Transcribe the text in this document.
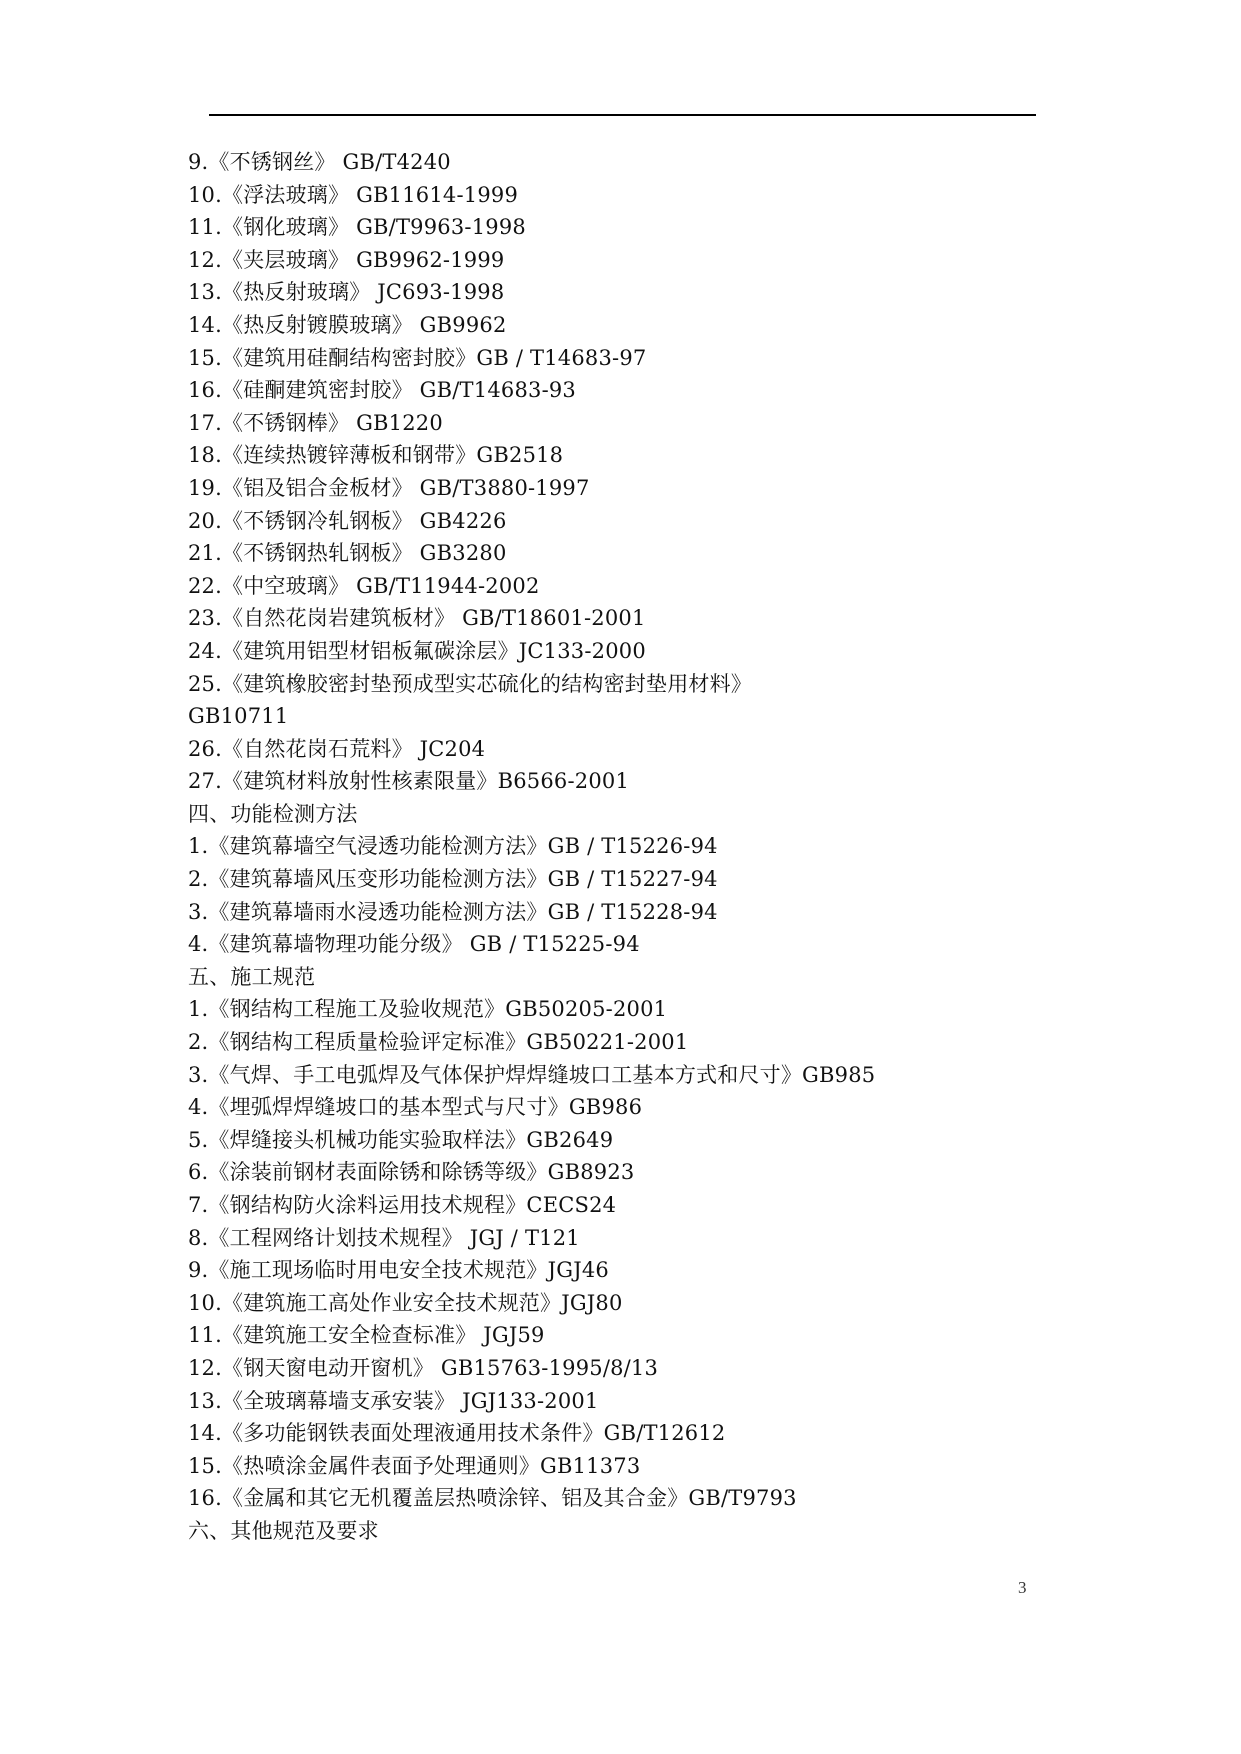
9.《不锈钢丝》 GB/T4240
10.《浮法玻璃》 GB11614-1999
11.《钢化玻璃》 GB/T9963-1998
12.《夹层玻璃》 GB9962-1999
13.《热反射玻璃》 JC693-1998
14.《热反射镀膜玻璃》 GB9962
15.《建筑用硅酮结构密封胶》GB / T14683-97
16.《硅酮建筑密封胶》 GB/T14683-93
17.《不锈钢棒》 GB1220
18.《连续热镀锌薄板和钢带》GB2518
19.《铝及铝合金板材》 GB/T3880-1997
20.《不锈钢冷轧钢板》 GB4226
21.《不锈钢热轧钢板》 GB3280
22.《中空玻璃》 GB/T11944-2002
23.《自然花岗岩建筑板材》 GB/T18601-2001
24.《建筑用铝型材铝板氟碳涂层》JC133-2000
25.《建筑橡胶密封垫预成型实芯硫化的结构密封垫用材料》
GB10711
26.《自然花岗石荒料》 JC204
27.《建筑材料放射性核素限量》B6566-2001
四、功能检测方法
1.《建筑幕墙空气浸透功能检测方法》GB / T15226-94
2.《建筑幕墙风压变形功能检测方法》GB / T15227-94
3.《建筑幕墙雨水浸透功能检测方法》GB / T15228-94
4.《建筑幕墙物理功能分级》 GB / T15225-94
五、施工规范
1.《钢结构工程施工及验收规范》GB50205-2001
2.《钢结构工程质量检验评定标准》GB50221-2001
3.《气焊、手工电弧焊及气体保护焊焊缝坡口工基本方式和尺寸》GB985
4.《埋弧焊焊缝坡口的基本型式与尺寸》GB986
5.《焊缝接头机械功能实验取样法》GB2649
6.《涂装前钢材表面除锈和除锈等级》GB8923
7.《钢结构防火涂料运用技术规程》CECS24
8.《工程网络计划技术规程》 JGJ / T121
9.《施工现场临时用电安全技术规范》JGJ46
10.《建筑施工高处作业安全技术规范》JGJ80
11.《建筑施工安全检查标准》 JGJ59
12.《钢天窗电动开窗机》 GB15763-1995/8/13
13.《全玻璃幕墙支承安装》 JGJ133-2001
14.《多功能钢铁表面处理液通用技术条件》GB/T12612
15.《热喷涂金属件表面予处理通则》GB11373
16.《金属和其它无机覆盖层热喷涂锌、铝及其合金》GB/T9793
六、其他规范及要求
3
